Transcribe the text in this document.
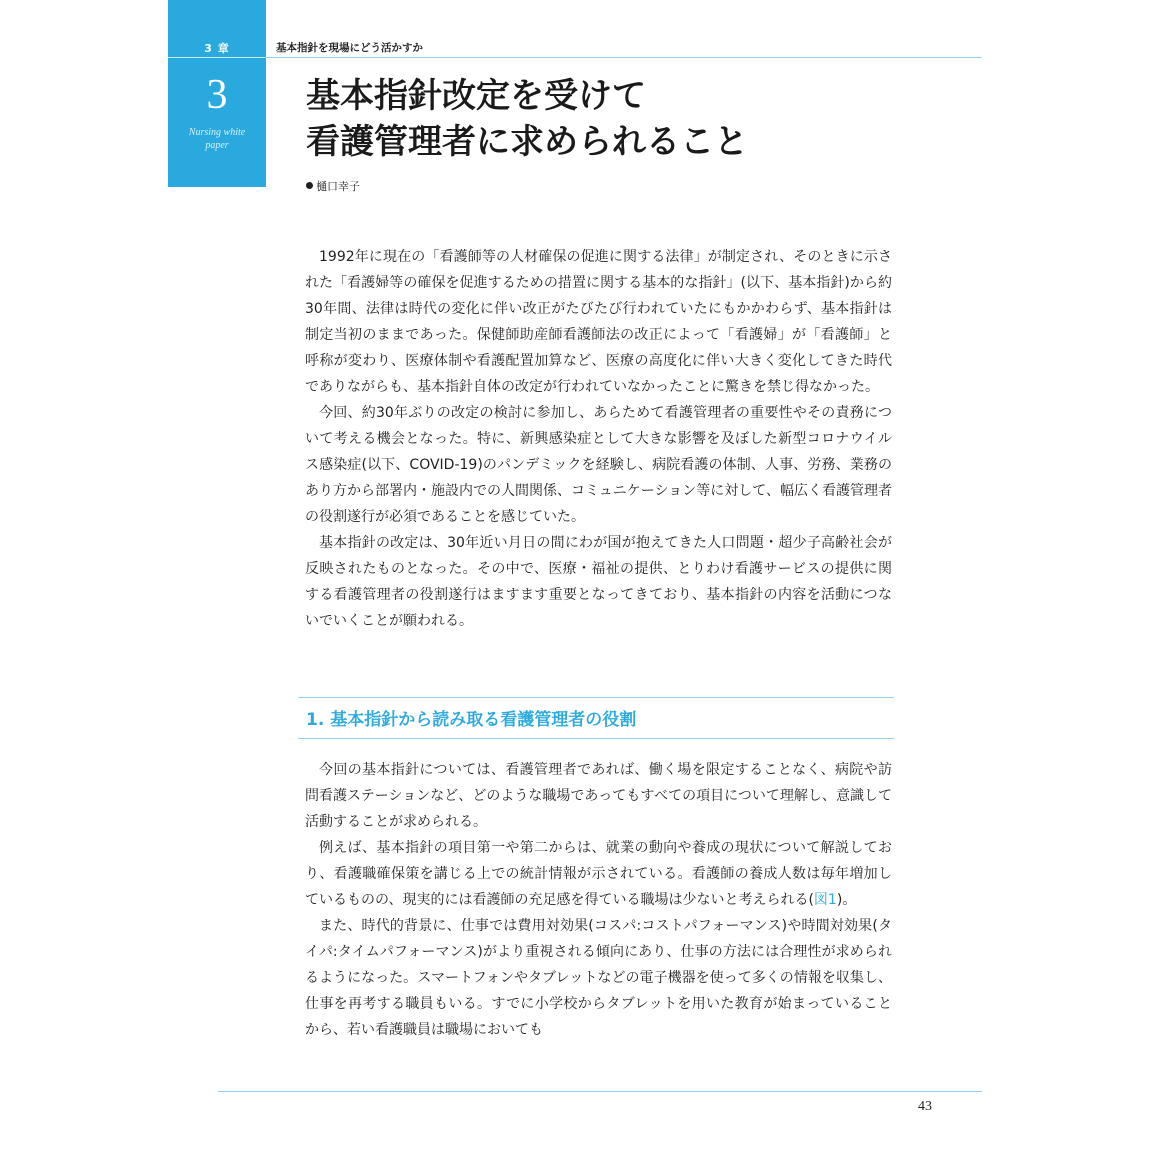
3 章
3
Nursing white paper
基本指針を現場にどう活かすか
基本指針改定を受けて
看護管理者に求められること
樋口幸子

1992年に現在の「看護師等の人材確保の促進に関する法律」が制定され、そのときに示された「看護婦等の確保を促進するための措置に関する基本的な指針」(以下、基本指針)から約30年間、法律は時代の変化に伴い改正がたびたび行われていたにもかかわらず、基本指針は制定当初のままであった。保健師助産師看護師法の改正によって「看護婦」が「看護師」と呼称が変わり、医療体制や看護配置加算など、医療の高度化に伴い大きく変化してきた時代でありながらも、基本指針自体の改定が行われていなかったことに驚きを禁じ得なかった。

今回、約30年ぶりの改定の検討に参加し、あらためて看護管理者の重要性やその責務について考える機会となった。特に、新興感染症として大きな影響を及ぼした新型コロナウイルス感染症(以下、COVID-19)のパンデミックを経験し、病院看護の体制、人事、労務、業務のあり方から部署内・施設内での人間関係、コミュニケーション等に対して、幅広く看護管理者の役割遂行が必須であることを感じていた。

基本指針の改定は、30年近い月日の間にわが国が抱えてきた人口問題・超少子高齢社会が反映されたものとなった。その中で、医療・福祉の提供、とりわけ看護サービスの提供に関する看護管理者の役割遂行はますます重要となってきており、基本指針の内容を活動につないでいくことが願われる。

1. 基本指針から読み取る看護管理者の役割

今回の基本指針については、看護管理者であれば、働く場を限定することなく、病院や訪問看護ステーションなど、どのような職場であってもすべての項目について理解し、意識して活動することが求められる。

例えば、基本指針の項目第一や第二からは、就業の動向や養成の現状について解説しており、看護職確保策を講じる上での統計情報が示されている。看護師の養成人数は毎年増加しているものの、現実的には看護師の充足感を得ている職場は少ないと考えられる(図1)。

また、時代的背景に、仕事では費用対効果(コスパ:コストパフォーマンス)や時間対効果(タイパ:タイムパフォーマンス)がより重視される傾向にあり、仕事の方法には合理性が求められるようになった。スマートフォンやタブレットなどの電子機器を使って多くの情報を収集し、仕事を再考する職員もいる。すでに小学校からタブレットを用いた教育が始まっていることから、若い看護職員は職場においても

43
